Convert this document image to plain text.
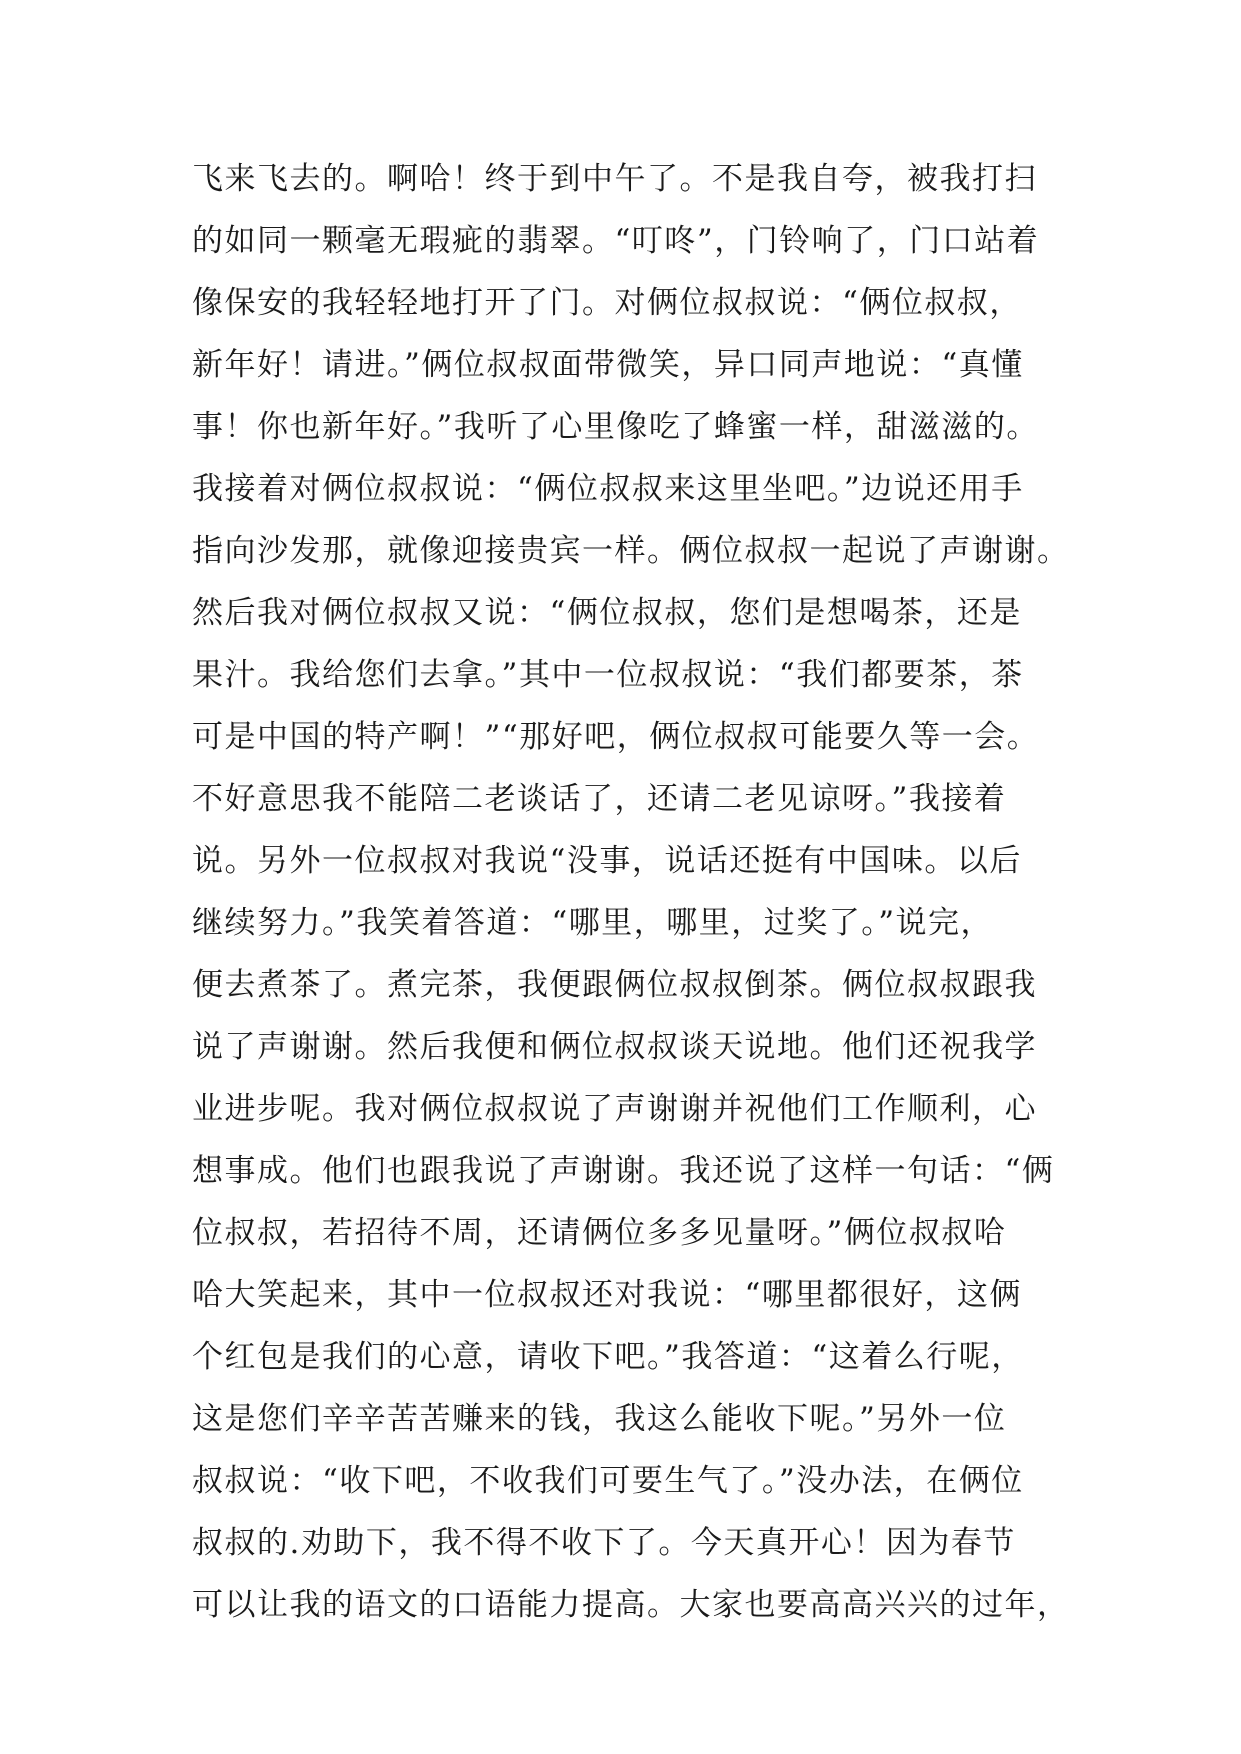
飞来飞去的。啊哈！终于到中午了。不是我自夸，被我打扫
的如同一颗毫无瑕疵的翡翠。“叮咚”，门铃响了，门口站着
像保安的我轻轻地打开了门。对俩位叔叔说：“俩位叔叔，
新年好！请进。”俩位叔叔面带微笑，异口同声地说：“真懂
事！你也新年好。”我听了心里像吃了蜂蜜一样，甜滋滋的。
我接着对俩位叔叔说：“俩位叔叔来这里坐吧。”边说还用手
指向沙发那，就像迎接贵宾一样。俩位叔叔一起说了声谢谢。
然后我对俩位叔叔又说：“俩位叔叔，您们是想喝茶，还是
果汁。我给您们去拿。”其中一位叔叔说：“我们都要茶，茶
可是中国的特产啊！”“那好吧，俩位叔叔可能要久等一会。
不好意思我不能陪二老谈话了，还请二老见谅呀。”我接着
说。另外一位叔叔对我说“没事，说话还挺有中国味。以后
继续努力。”我笑着答道：“哪里，哪里，过奖了。”说完，
便去煮茶了。煮完茶，我便跟俩位叔叔倒茶。俩位叔叔跟我
说了声谢谢。然后我便和俩位叔叔谈天说地。他们还祝我学
业进步呢。我对俩位叔叔说了声谢谢并祝他们工作顺利，心
想事成。他们也跟我说了声谢谢。我还说了这样一句话：“俩
位叔叔，若招待不周，还请俩位多多见量呀。”俩位叔叔哈
哈大笑起来，其中一位叔叔还对我说：“哪里都很好，这俩
个红包是我们的心意，请收下吧。”我答道：“这着么行呢，
这是您们辛辛苦苦赚来的钱，我这么能收下呢。”另外一位
叔叔说：“收下吧，不收我们可要生气了。”没办法，在俩位
叔叔的.劝助下，我不得不收下了。今天真开心！因为春节
可以让我的语文的口语能力提高。大家也要高高兴兴的过年，
